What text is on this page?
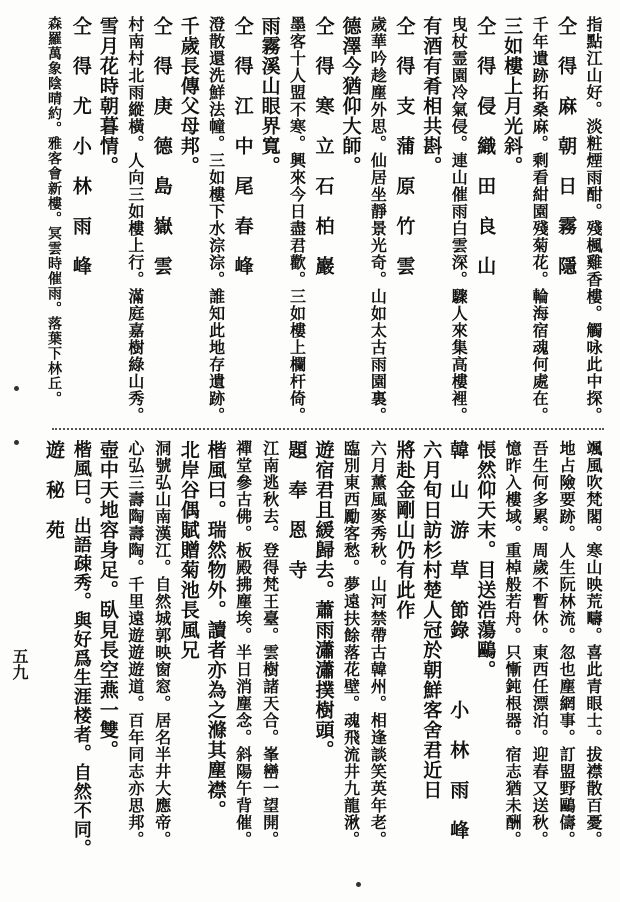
指點江山好。淡粧煙雨酣。殘楓雞香樓。觸咏此中探。
仝　得　麻　朝　日　霧　隱
千年遺跡拓桑麻。剩看紺園殘菊花。輪海宿魂何處在。
三如樓上月光斜。
仝　得　侵　織　田　良　山
曳杖霊園冷氣侵。連山催雨白雲深。驟人來集高樓裡。
有酒有肴相共斟。
仝　得　支　蒲　原　竹　雲
歲華吟趁塵外思。仙居坐靜景光奇。山如太古雨園裏。
德澤今猶仰大師。
仝　得　寒　立　石　柏　巖
墨客十人盟不寒。興來今日盡君歡。三如樓上欄杆倚。
雨霧溪山眼界寬。
仝　得　江　中　尾　春　峰
澄散還洗鮮法幢。三如樓下水淙淙。誰知此地存遺跡。
千歲長傳父母邦。
仝　得　庚　德　島　嶽　雲
村南村北雨縱橫。人向三如樓上行。滿庭嘉樹綠山秀。
雪月花時朝暮情。
仝　得　尤　小　林　雨　峰
森羅萬象陰晴約。雅客會新樓。冥雲時催雨。落葉下林丘。
颯風吹梵閣。寒山映荒疇。喜此青眼士。拔襟散百憂。
地占險要跡。人生阮林流。忽也塵網事。訂盟野鷗儔。
吾生何多累。周歲不暫休。東西任漂泊。迎春又送秋。
憶昨入樓域。重棹般若舟。只慚鈍根器。宿志猶未酬。
悵然仰天末。目送浩蕩鷗。
韓　山　游　草　節錄　　　小　林　雨　峰
六月旬日訪杉村楚人冠於朝鮮客舍君近日
將赴金剛山仍有此作
六月薰風麥秀秋。山河禁帶古韓州。相逢談笑英年老。
臨別東西勵客愁。夢遠扶餘落花壁。魂飛流井九龍湫。
遊宿君且緩歸去。蕭雨瀟瀟撲樹頭。
題　奉　恩　寺
江南逃秋去。登得梵王臺。雲樹諸天合。峯巒一望開。
禪堂參古佛。板殿拂塵埃。半日消塵念。斜陽午背催。
楷風曰。瑞然物外。讀者亦為之滌其塵襟。
北岸谷偶賦贈菊池長風兄
洞號弘山南漢江。自然城郭映窗窓。居名半井大應帝。
心弘三壽陶壽陶。千里遠遊遊遊道。百年同志亦思邦。
壺中天地容身足。臥見長空燕一雙。
楷風曰。出語疎秀。與好爲生涯楼者。自然不同。
遊　秘　苑
五九
